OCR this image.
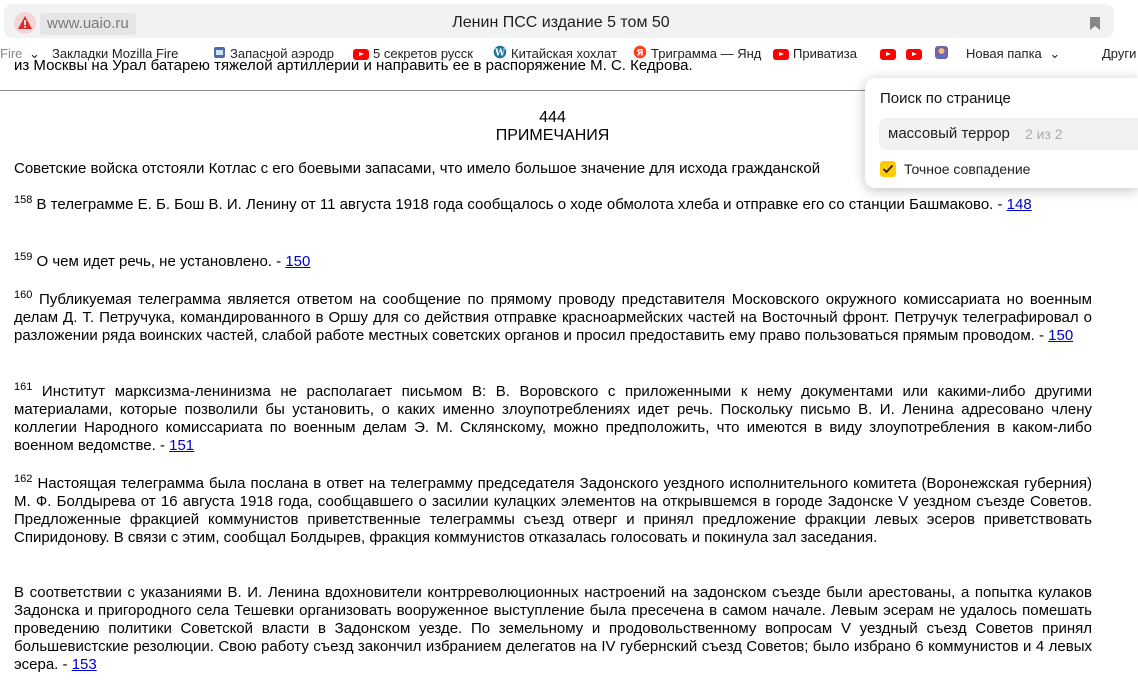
www.uaio.ru	Ленин ПСС издание 5 том 50
Fire ⌄ Закладки Mozilla Fire	Запасной аэродр	5 секретов русск	W Китайская хохлат	Я Триграмма — Янд	Приватиза	Новая папка ⌄	Други
из Москвы на Урал батарею тяжелой артиллерии и направить ее в распоряжение М. С. Кедрова.
444
ПРИМЕЧАНИЯ
Советские войска отстояли Котлас с его боевыми запасами, что имело большое значение для исхода гражданской
$^{158}$ В телеграмме Е. Б. Бош В. И. Ленину от 11 августа 1918 года сообщалось о ходе обмолота хлеба и отправке его со станции Башмаково. - 148
$^{159}$ О чем идет речь, не установлено. - 150
$^{160}$ Публикуемая телеграмма является ответом на сообщение по прямому проводу представителя Московского окружного комиссариата но военным делам Д. Т. Петручука, командированного в Оршу для со действия отправке красноармейских частей на Восточный фронт. Петручук телеграфировал о разложении ряда воинских частей, слабой работе местных советских органов и просил предоставить ему право пользоваться прямым проводом. - 150
$^{161}$ Институт марксизма-ленинизма не располагает письмом В: В. Воровского с приложенными к нему документами или какими-либо другими материалами, которые позволили бы установить, о каких именно злоупотреблениях идет речь. Поскольку письмо В. И. Ленина адресовано члену коллегии Народного комиссариата по военным делам Э. М. Склянскому, можно предположить, что имеются в виду злоупотребления в каком-либо военном ведомстве. - 151
$^{162}$ Настоящая телеграмма была послана в ответ на телеграмму председателя Задонского уездного исполнительного комитета (Воронежская губерния) М. Ф. Болдырева от 16 августа 1918 года, сообщавшего о засилии кулацких элементов на открывшемся в городе Задонске V уездном съезде Советов. Предложенные фракцией коммунистов приветственные телеграммы съезд отверг и принял предложение фракции левых эсеров приветствовать Спиридонову. В связи с этим, сообщал Болдырев, фракция коммунистов отказалась голосовать и покинула зал заседания.
В соответствии с указаниями В. И. Ленина вдохновители контрреволюционных настроений на задонском съезде были арестованы, а попытка кулаков Задонска и пригородного села Тешевки организовать вооруженное выступление была пресечена в самом начале. Левым эсерам не удалось помешать проведению политики Советской власти в Задонском уезде. По земельному и продовольственному вопросам V уездный съезд Советов принял большевистские резолюции. Свою работу съезд закончил избранием делегатов на IV губернский съезд Советов; было избрано 6 коммунистов и 4 левых эсера. - 153
Поиск по странице
массовый террор 2 из 2
Точное совпадение
